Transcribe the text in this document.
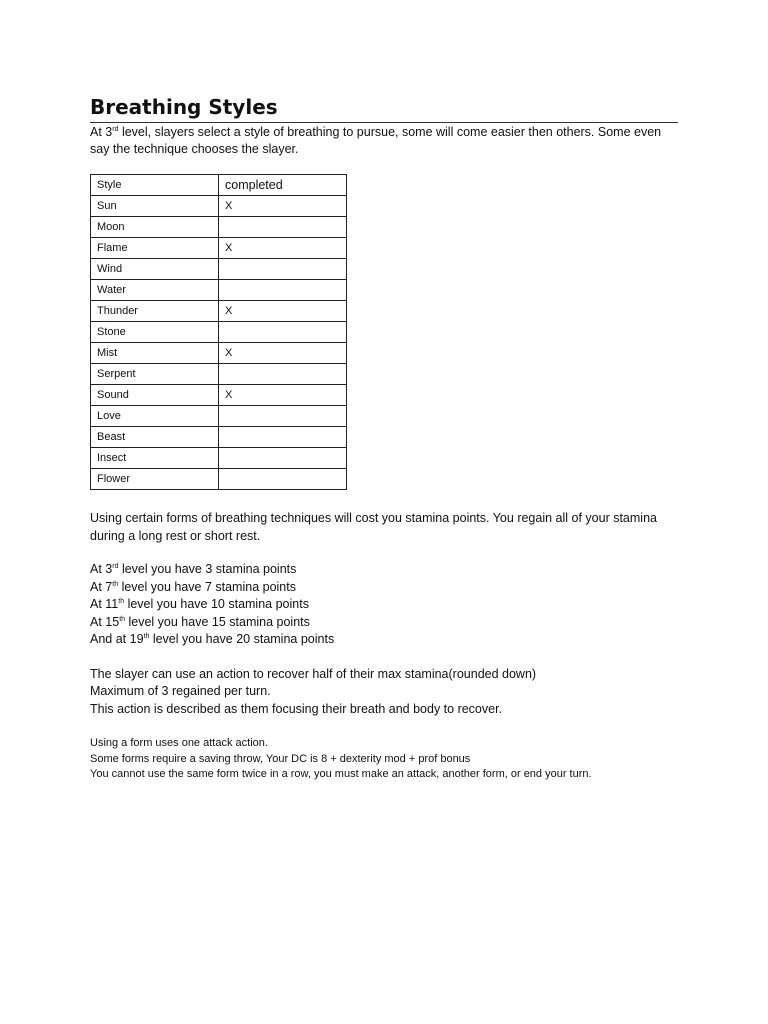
Breathing Styles

At 3rd level, slayers select a style of breathing to pursue, some will come easier then others. Some even say the technique chooses the slayer.

Style	completed
Sun	X
Moon	
Flame	X
Wind	
Water	
Thunder	X
Stone	
Mist	X
Serpent	
Sound	X
Love	
Beast	
Insect	
Flower	

Using certain forms of breathing techniques will cost you stamina points. You regain all of your stamina during a long rest or short rest.

At 3rd level you have 3 stamina points

At 7th level you have 7 stamina points

At 11th level you have 10 stamina points

At 15th level you have 15 stamina points

And at 19th level you have 20 stamina points

The slayer can use an action to recover half of their max stamina(rounded down)

Maximum of 3 regained per turn.

This action is described as them focusing their breath and body to recover.

Using a form uses one attack action.

Some forms require a saving throw, Your DC is 8 + dexterity mod + prof bonus

You cannot use the same form twice in a row, you must make an attack, another form, or end your turn.
